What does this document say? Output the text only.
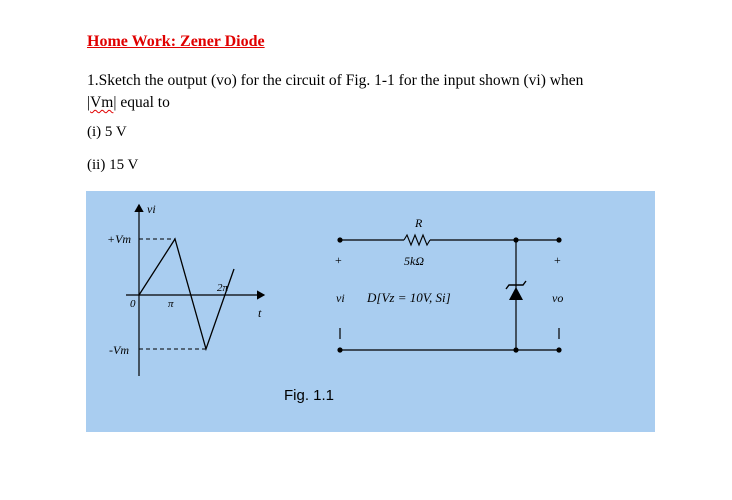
Home Work: Zener Diode
1.Sketch the output (vo) for the circuit of Fig. 1-1 for the input shown (vi) when
|Vm| equal to
(i) 5 V
(ii) 15 V
vi
t
+Vm
-Vm
0	π
2π
R
5kΩ
+	+
vi	vo
D[Vz = 10V, Si]
Fig. 1.1
